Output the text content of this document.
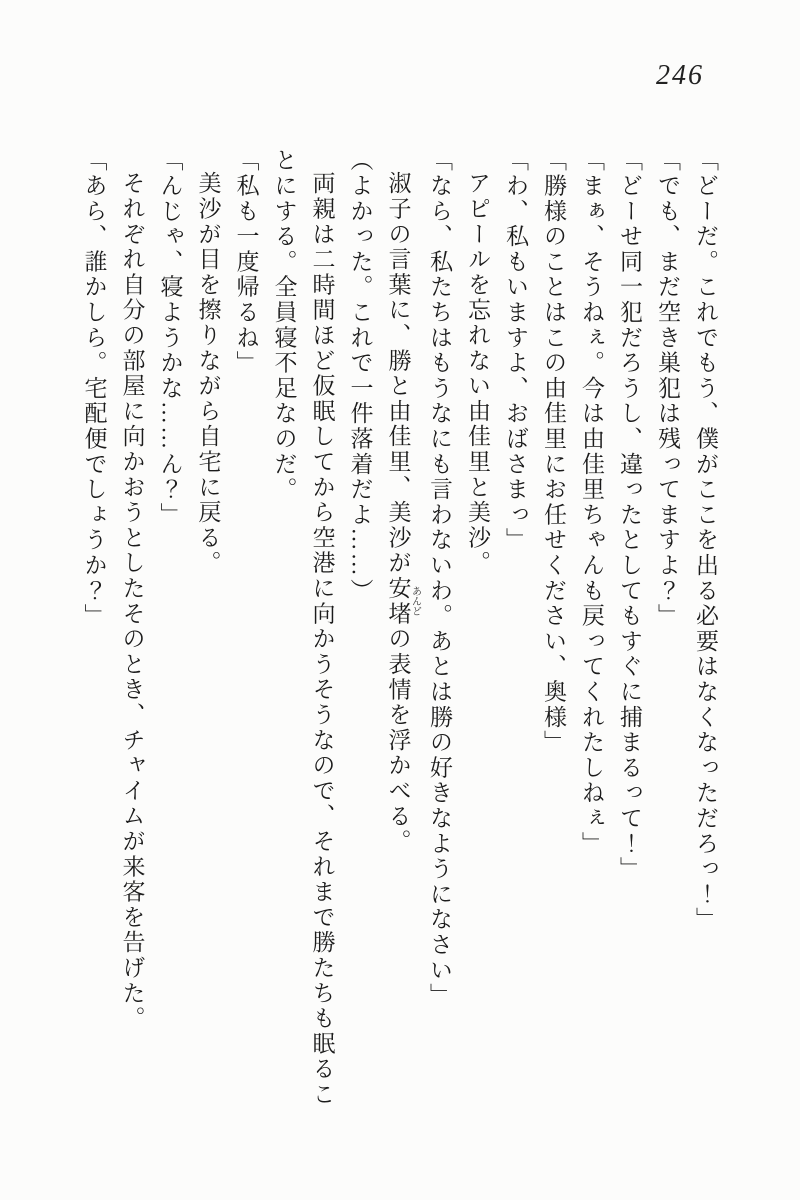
246

「どーだ。これでもう、僕がここを出る必要はなくなっただろっ！」

「でも、まだ空き巣犯は残ってますよ？」

「どーせ同一犯だろうし、違ったとしてもすぐに捕まるって！」

「まぁ、そうねぇ。今は由佳里ちゃんも戻ってくれたしねぇ」

「勝様のことはこの由佳里にお任せください、奥様」

「わ、私もいますよ、おばさまっ」

アピールを忘れない由佳里と美沙。

「なら、私たちはもうなにも言わないわ。あとは勝の好きなようになさい」

淑子の言葉に、勝と由佳里、美沙が安堵 あんどの表情を浮かべる。

（よかった。これで一件落着だよ……）

両親は二時間ほど仮眠してから空港に向かうそうなので、それまで勝たちも眠るこ

とにする。全員寝不足なのだ。

「私も一度帰るね」

美沙が目を擦りながら自宅に戻る。

「んじゃ、寝ようかな……ん？」

それぞれ自分の部屋に向かおうとしたそのとき、チャイムが来客を告げた。

「あら、誰かしら。宅配便でしょうか？」
